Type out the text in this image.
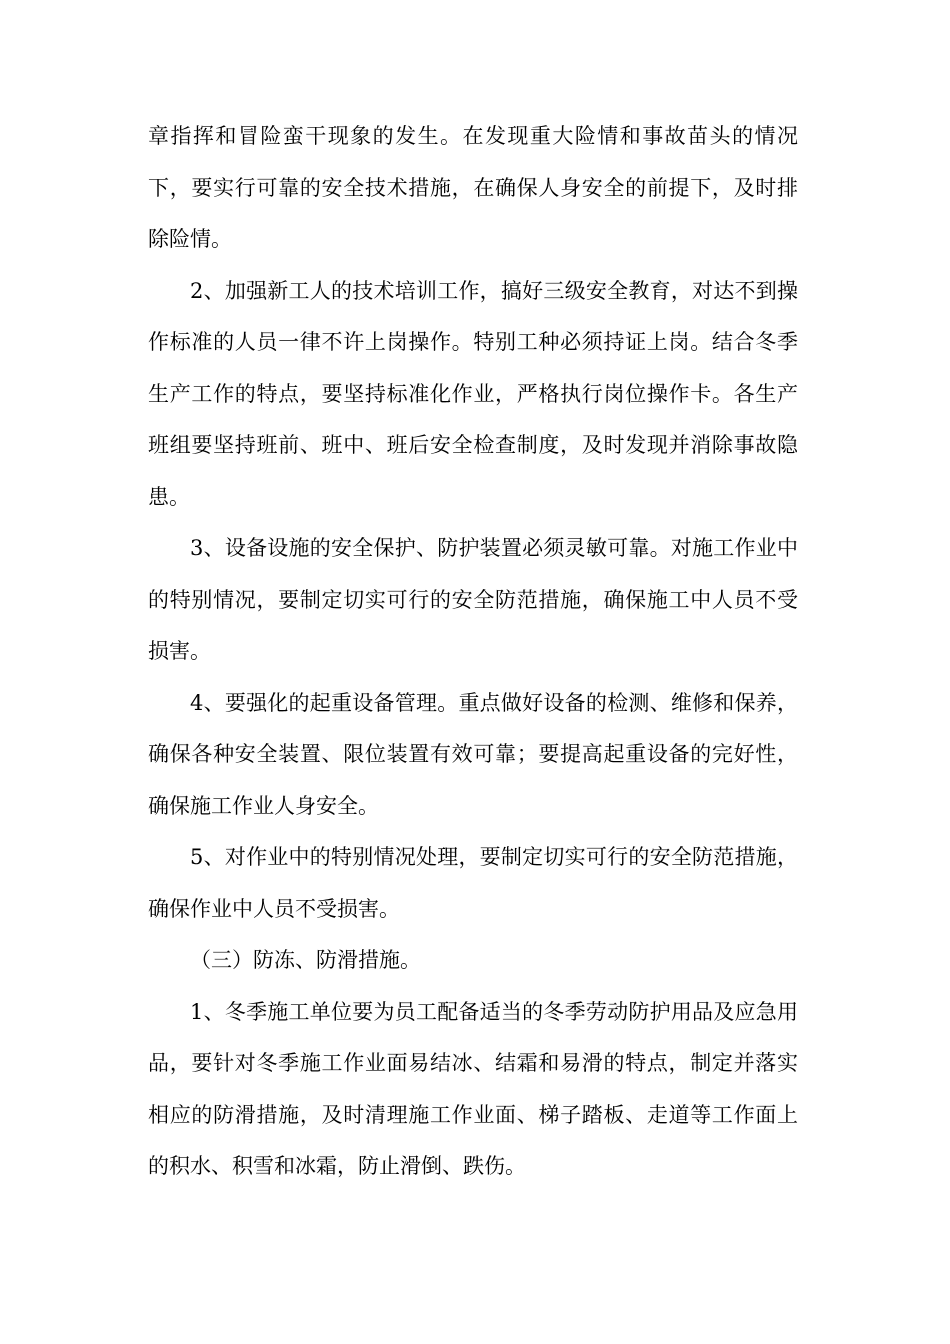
章指挥和冒险蛮干现象的发生。在发现重大险情和事故苗头的情况下，要实行可靠的安全技术措施，在确保人身安全的前提下，及时排除险情。

2、加强新工人的技术培训工作，搞好三级安全教育，对达不到操作标准的人员一律不许上岗操作。特别工种必须持证上岗。结合冬季生产工作的特点，要坚持标准化作业，严格执行岗位操作卡。各生产班组要坚持班前、班中、班后安全检查制度，及时发现并消除事故隐患。

3、设备设施的安全保护、防护装置必须灵敏可靠。对施工作业中的特别情况，要制定切实可行的安全防范措施，确保施工中人员不受损害。

4、要强化的起重设备管理。重点做好设备的检测、维修和保养，确保各种安全装置、限位装置有效可靠；要提高起重设备的完好性，确保施工作业人身安全。

5、对作业中的特别情况处理，要制定切实可行的安全防范措施，确保作业中人员不受损害。

（三）防冻、防滑措施。

1、冬季施工单位要为员工配备适当的冬季劳动防护用品及应急用品，要针对冬季施工作业面易结冰、结霜和易滑的特点，制定并落实相应的防滑措施，及时清理施工作业面、梯子踏板、走道等工作面上的积水、积雪和冰霜，防止滑倒、跌伤。
